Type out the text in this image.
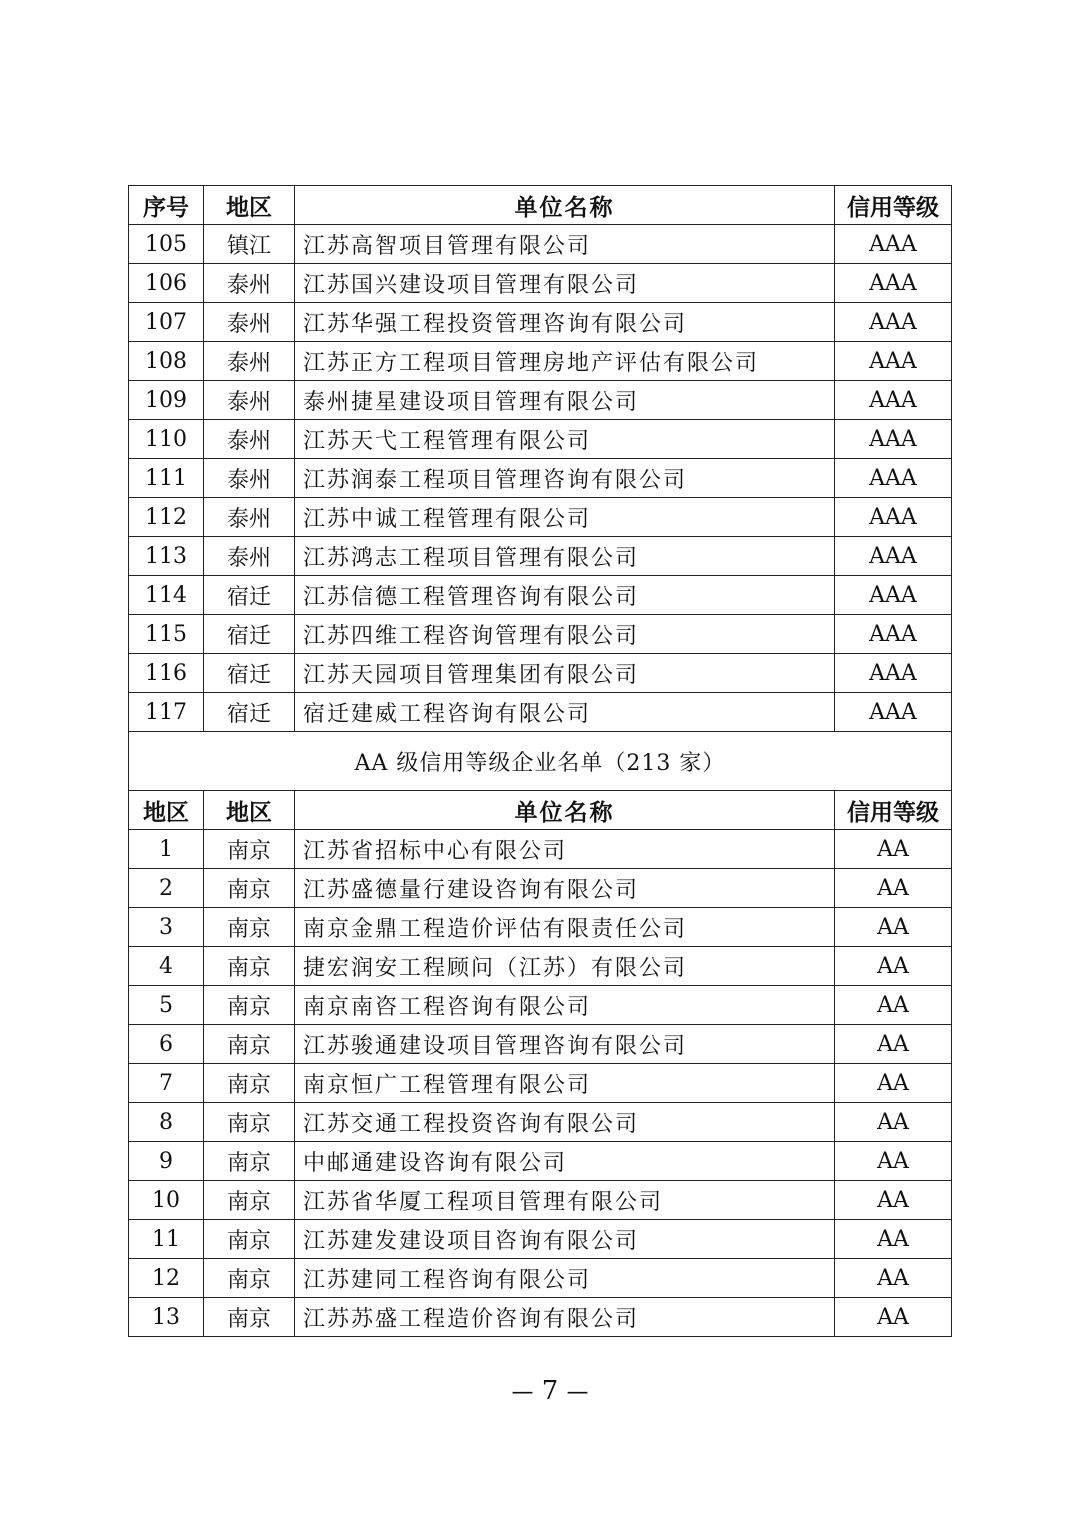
序号	地区	单位名称	信用等级
105	镇江	江苏高智项目管理有限公司	AAA
106	泰州	江苏国兴建设项目管理有限公司	AAA
107	泰州	江苏华强工程投资管理咨询有限公司	AAA
108	泰州	江苏正方工程项目管理房地产评估有限公司	AAA
109	泰州	泰州捷星建设项目管理有限公司	AAA
110	泰州	江苏天弋工程管理有限公司	AAA
111	泰州	江苏润泰工程项目管理咨询有限公司	AAA
112	泰州	江苏中诚工程管理有限公司	AAA
113	泰州	江苏鸿志工程项目管理有限公司	AAA
114	宿迁	江苏信德工程管理咨询有限公司	AAA
115	宿迁	江苏四维工程咨询管理有限公司	AAA
116	宿迁	江苏天园项目管理集团有限公司	AAA
117	宿迁	宿迁建威工程咨询有限公司	AAA
AA 级信用等级企业名单（213 家）			
地区	地区	单位名称	信用等级
1	南京	江苏省招标中心有限公司	AA
2	南京	江苏盛德量行建设咨询有限公司	AA
3	南京	南京金鼎工程造价评估有限责任公司	AA
4	南京	捷宏润安工程顾问（江苏）有限公司	AA
5	南京	南京南咨工程咨询有限公司	AA
6	南京	江苏骏通建设项目管理咨询有限公司	AA
7	南京	南京恒广工程管理有限公司	AA
8	南京	江苏交通工程投资咨询有限公司	AA
9	南京	中邮通建设咨询有限公司	AA
10	南京	江苏省华厦工程项目管理有限公司	AA
11	南京	江苏建发建设项目咨询有限公司	AA
12	南京	江苏建同工程咨询有限公司	AA
13	南京	江苏苏盛工程造价咨询有限公司	AA
— 7 —
